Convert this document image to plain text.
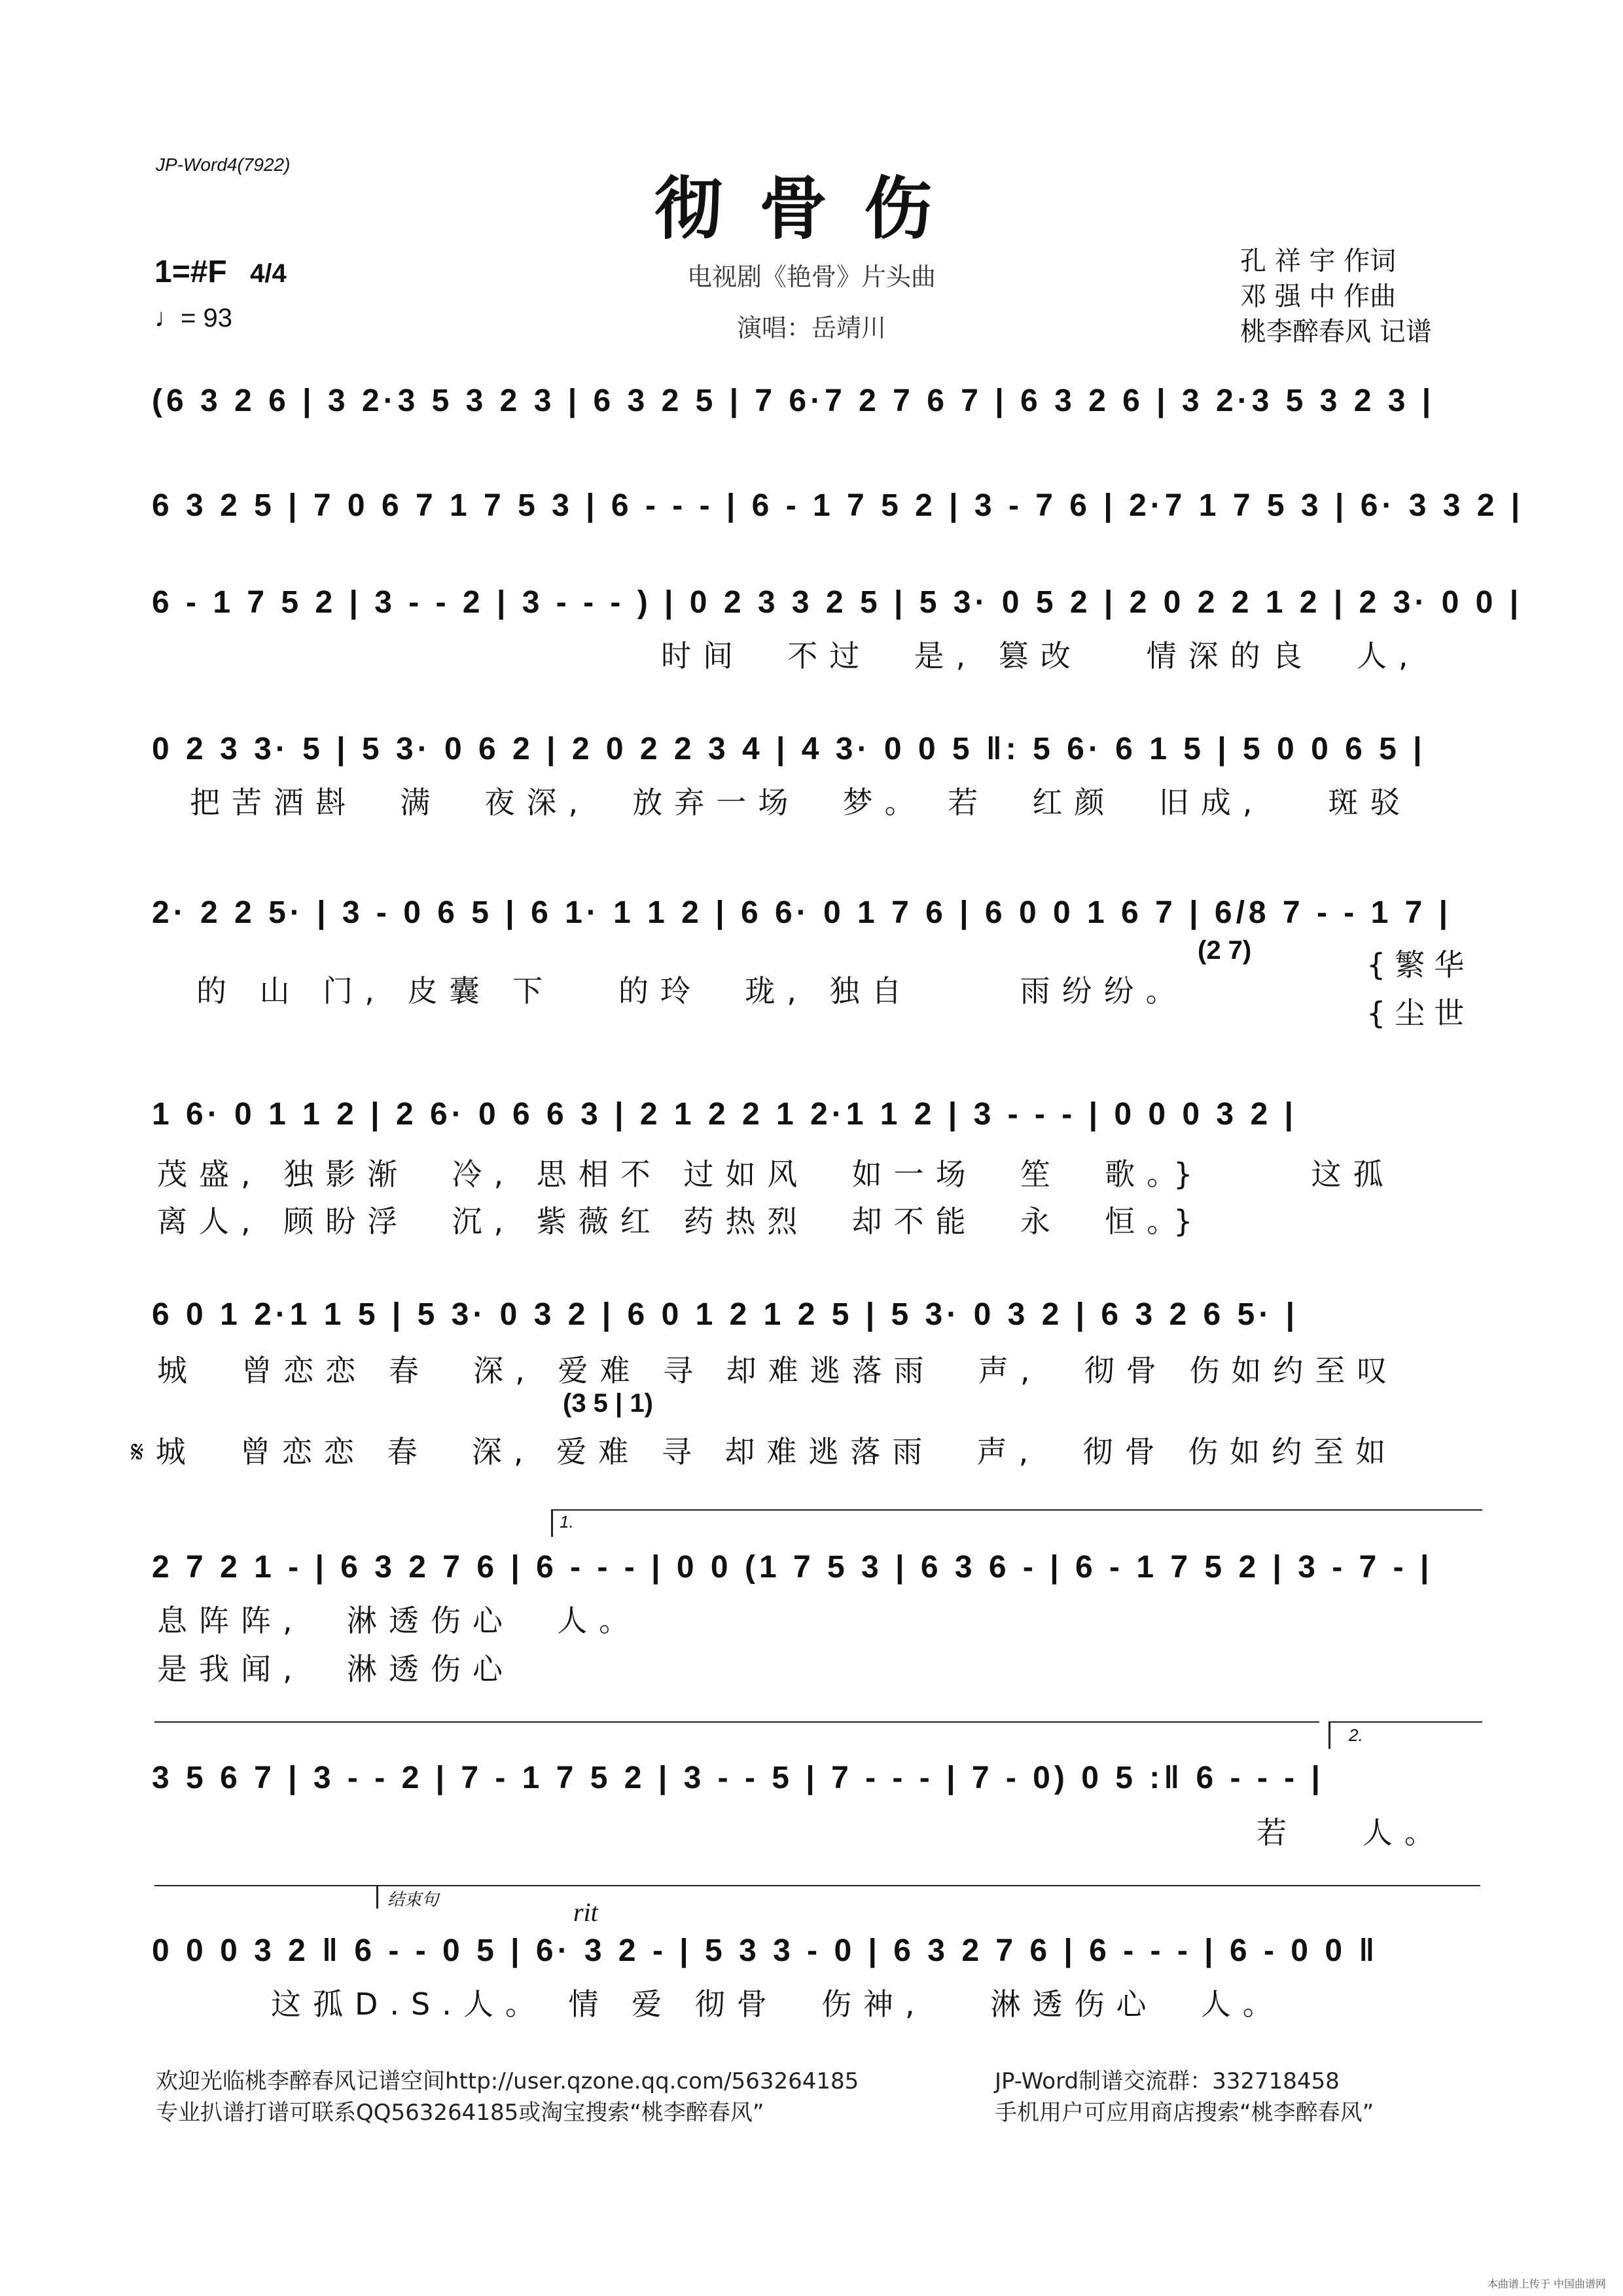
JP-Word4(7922)
彻骨伤
1=#F 4/4
♩= 93
电视剧《艳骨》片头曲
演唱：岳靖川
孔 祥 宇 作词
邓 强 中 作曲
桃李醉春风 记谱
(6 3 2 6 | 3 2·3 5 3 2 3 | 6 3 2 5 | 7 6·7 2 7 6 7 | 6 3 2 6 | 3 2·3 5 3 2 3 |
6 3 2 5 | 7 0 6 7 1 7 5 3 | 6 - - - | 6 - 1 7 5 2 | 3 - 7 6 | 2·7 1 7 5 3 | 6· 3 3 2 |
6 - 1 7 5 2 | 3 - - 2 | 3 - - - ) | 0 2 3 3 2 5 | 5 3· 0 5 2 | 2 0 2 2 1 2 | 2 3· 0 0 |
时间  不过  是, 篡改   情深的良  人,
0 2 3 3· 5 | 5 3· 0 6 2 | 2 0 2 2 3 4 | 4 3· 0 0 5 ‖: 5 6· 6 1 5 | 5 0 0 6 5 |
把苦酒斟  满  夜深,  放弃一场  梦。 若  红颜  旧成,   斑驳
2· 2 2 5· | 3 - 0 6 5 | 6 1· 1 1 2 | 6 6· 0 1 7 6 | 6 0 0 1 6 7 | 6/8 7 - - 1 7 |
(2 7)
的 山 门, 皮囊 下   的玲  珑, 独自     雨纷纷。
{繁华
{尘世
1 6· 0 1 1 2 | 2 6· 0 6 6 3 | 2 1 2 2 1 2·1 1 2 | 3 - - - | 0 0 0 3 2 |
茂盛, 独影渐  冷, 思相不 过如风  如一场  笙  歌。}     这孤
离人, 顾盼浮  沉, 紫薇红 药热烈  却不能  永  恒。}
6 0 1 2·1 1 5 | 5 3· 0 3 2 | 6 0 1 2 1 2 5 | 5 3· 0 3 2 | 6 3 2 6 5· |
城  曾恋恋 春  深, 爱难 寻 却难逃落雨  声,  彻骨 伤如约至叹
(3 5 | 1)
𝄋城  曾恋恋 春  深, 爱难 寻 却难逃落雨  声,  彻骨 伤如约至如
1.
2 7 2 1 - | 6 3 2 7 6 | 6 - - - | 0 0 (1 7 5 3 | 6 3 6 - | 6 - 1 7 5 2 | 3 - 7 - |
息阵阵,  淋透伤心  人。
是我闻,  淋透伤心
2.
3 5 6 7 | 3 - - 2 | 7 - 1 7 5 2 | 3 - - 5 | 7 - - - | 7 - 0) 0 5 :‖ 6 - - - |
若   人。
结束句	rit
0 0 0 3 2 ‖ 6 - - 0 5 | 6· 3 2 - | 5 3 3 - 0 | 6 3 2 7 6 | 6 - - - | 6 - 0 0 ‖
这孤D.S.人。 情 爱 彻骨  伤神,   淋透伤心  人。
欢迎光临桃李醉春风记谱空间http://user.qzone.qq.com/563264185	JP-Word制谱交流群：332718458
专业扒谱打谱可联系QQ563264185或淘宝搜索“桃李醉春风”	手机用户可应用商店搜索“桃李醉春风”
本曲谱上传于 中国曲谱网
